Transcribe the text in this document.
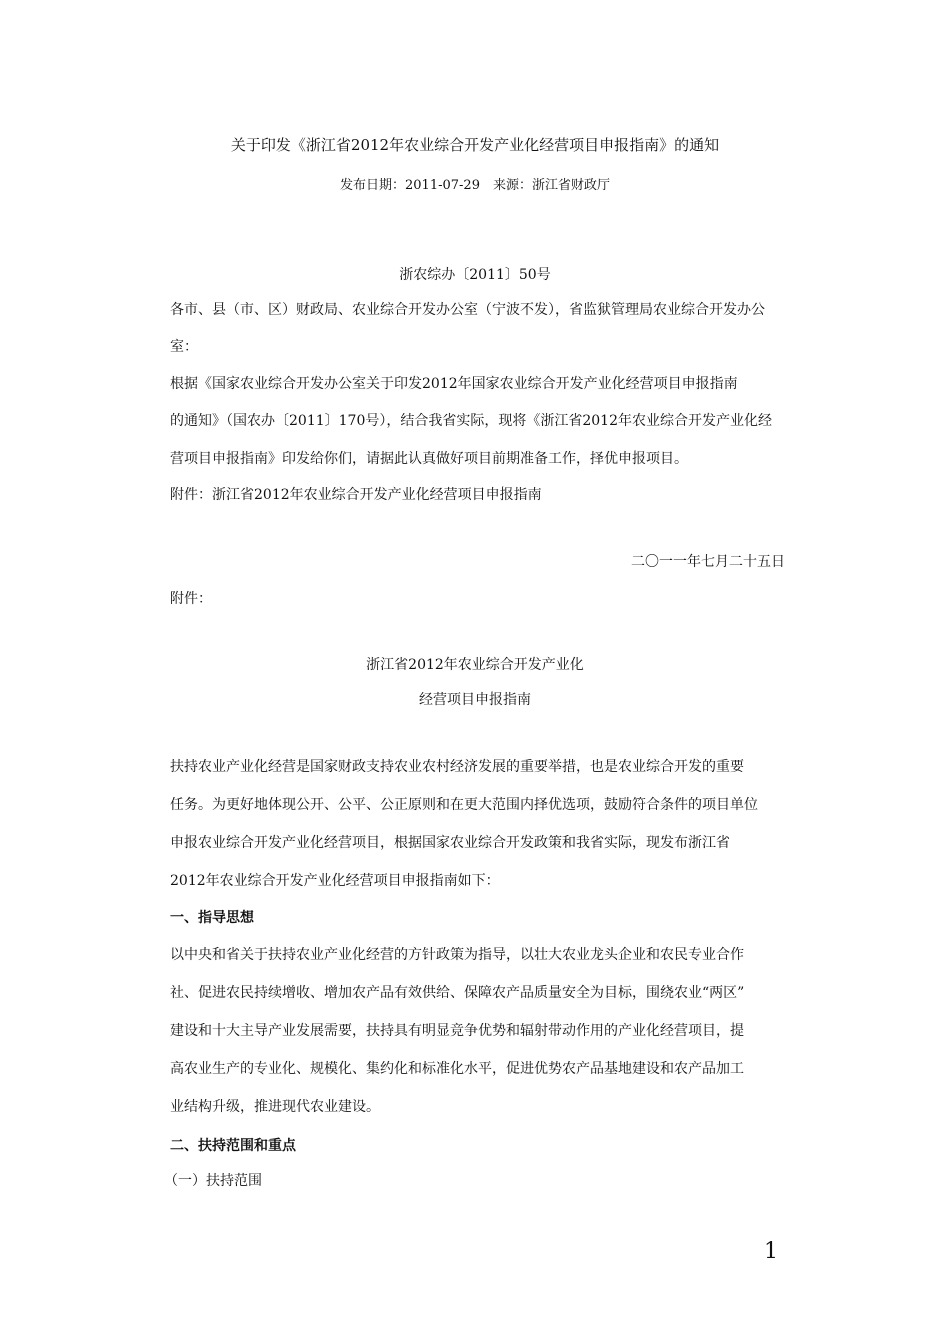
关于印发《浙江省2012年农业综合开发产业化经营项目申报指南》的通知
发布日期：2011-07-29　来源：浙江省财政厅
浙农综办〔2011〕50号
各市、县（市、区）财政局、农业综合开发办公室（宁波不发），省监狱管理局农业综合开发办公
室：
根据《国家农业综合开发办公室关于印发2012年国家农业综合开发产业化经营项目申报指南
的通知》（国农办〔2011〕170号），结合我省实际，现将《浙江省2012年农业综合开发产业化经
营项目申报指南》印发给你们，请据此认真做好项目前期准备工作，择优申报项目。
附件：浙江省2012年农业综合开发产业化经营项目申报指南
二〇一一年七月二十五日
附件：
浙江省2012年农业综合开发产业化
经营项目申报指南
扶持农业产业化经营是国家财政支持农业农村经济发展的重要举措，也是农业综合开发的重要
任务。为更好地体现公开、公平、公正原则和在更大范围内择优选项，鼓励符合条件的项目单位
申报农业综合开发产业化经营项目，根据国家农业综合开发政策和我省实际，现发布浙江省
2012年农业综合开发产业化经营项目申报指南如下：
一、指导思想
以中央和省关于扶持农业产业化经营的方针政策为指导，以壮大农业龙头企业和农民专业合作
社、促进农民持续增收、增加农产品有效供给、保障农产品质量安全为目标，围绕农业“两区”
建设和十大主导产业发展需要，扶持具有明显竞争优势和辐射带动作用的产业化经营项目，提
高农业生产的专业化、规模化、集约化和标准化水平，促进优势农产品基地建设和农产品加工
业结构升级，推进现代农业建设。
二、扶持范围和重点
（一）扶持范围
1
